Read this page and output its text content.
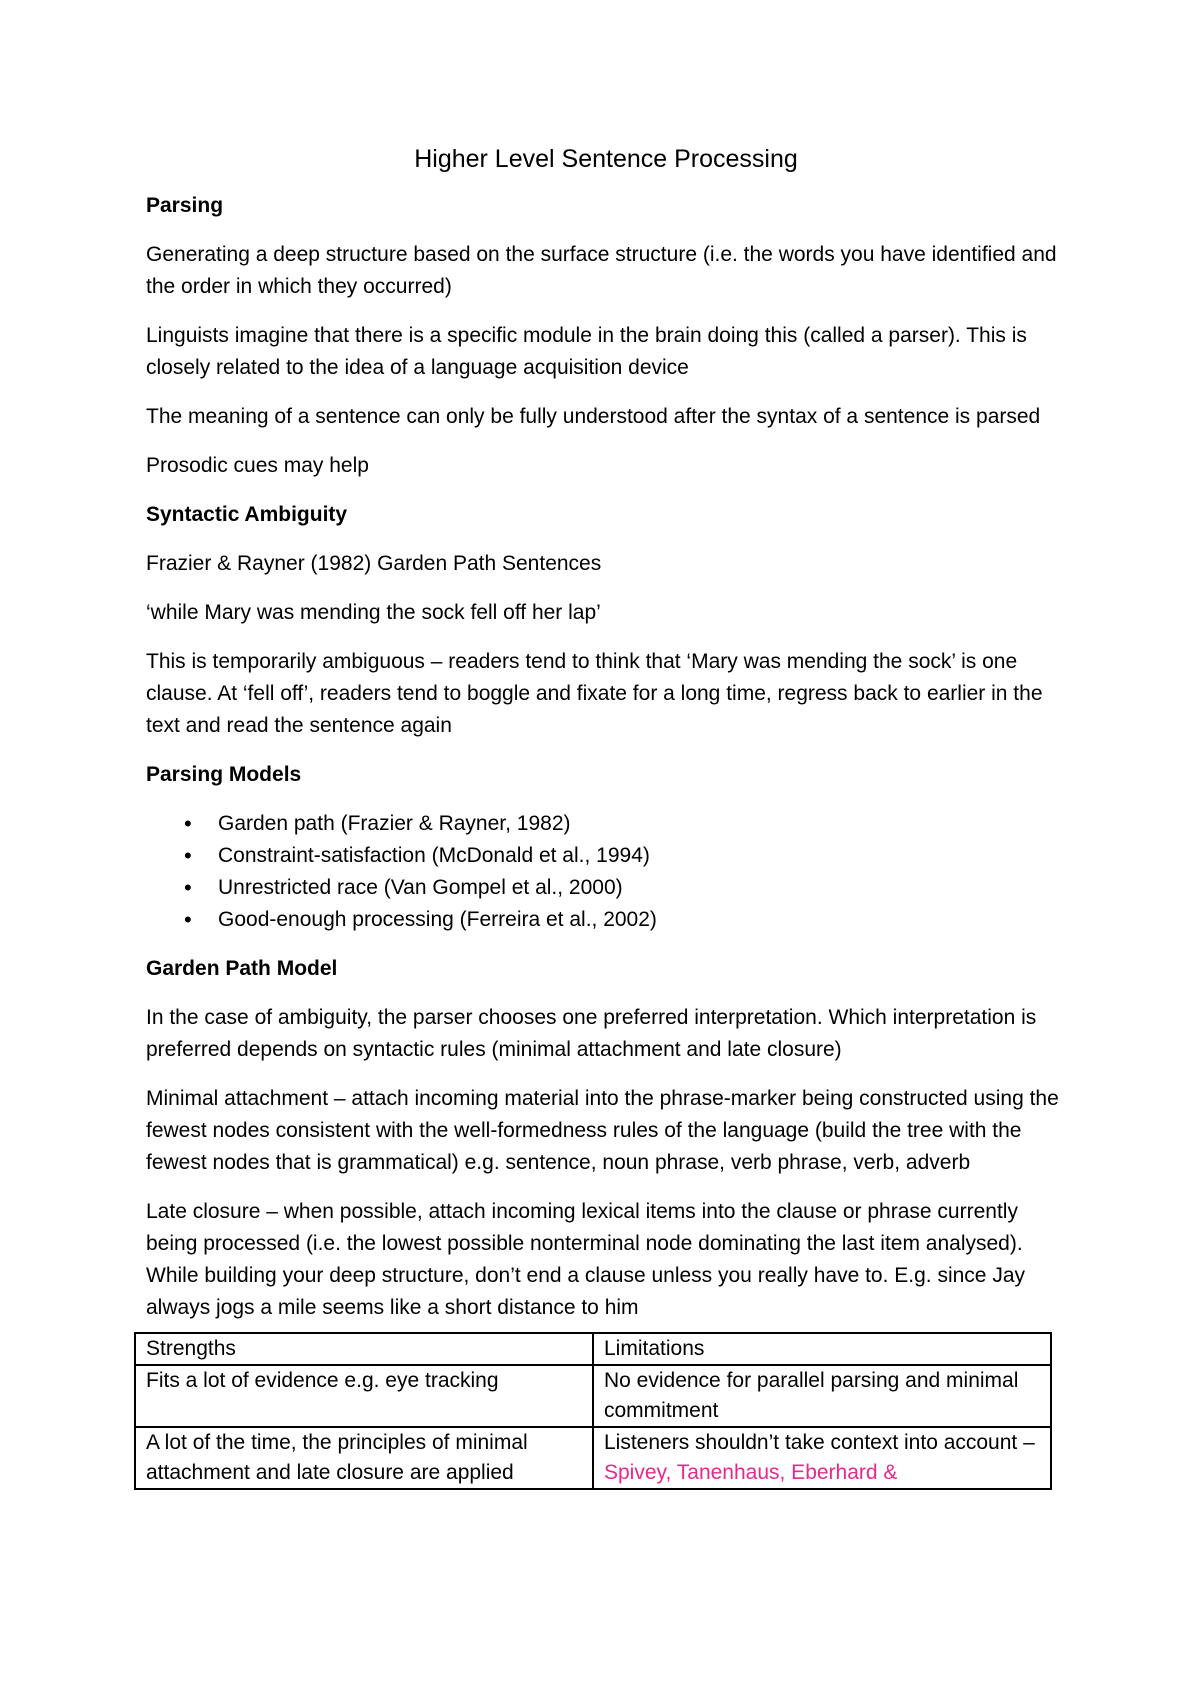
Higher Level Sentence Processing
Parsing

Generating a deep structure based on the surface structure (i.e. the words you have identified and the order in which they occurred)

Linguists imagine that there is a specific module in the brain doing this (called a parser). This is closely related to the idea of a language acquisition device

The meaning of a sentence can only be fully understood after the syntax of a sentence is parsed

Prosodic cues may help

Syntactic Ambiguity

Frazier & Rayner (1982) Garden Path Sentences

‘while Mary was mending the sock fell off her lap’

This is temporarily ambiguous – readers tend to think that ‘Mary was mending the sock’ is one clause. At ‘fell off’, readers tend to boggle and fixate for a long time, regress back to earlier in the text and read the sentence again

Parsing Models
• Garden path (Frazier & Rayner, 1982)
• Constraint-satisfaction (McDonald et al., 1994)
• Unrestricted race (Van Gompel et al., 2000)
• Good-enough processing (Ferreira et al., 2002)
Garden Path Model

In the case of ambiguity, the parser chooses one preferred interpretation. Which interpretation is preferred depends on syntactic rules (minimal attachment and late closure)

Minimal attachment – attach incoming material into the phrase-marker being constructed using the fewest nodes consistent with the well-formedness rules of the language (build the tree with the fewest nodes that is grammatical) e.g. sentence, noun phrase, verb phrase, verb, adverb

Late closure – when possible, attach incoming lexical items into the clause or phrase currently being processed (i.e. the lowest possible nonterminal node dominating the last item analysed). While building your deep structure, don’t end a clause unless you really have to. E.g. since Jay always jogs a mile seems like a short distance to him

Strengths	Limitations
Fits a lot of evidence e.g. eye tracking	No evidence for parallel parsing and minimal commitment
A lot of the time, the principles of minimal attachment and late closure are applied	Listeners shouldn’t take context into account – Spivey, Tanenhaus, Eberhard &
